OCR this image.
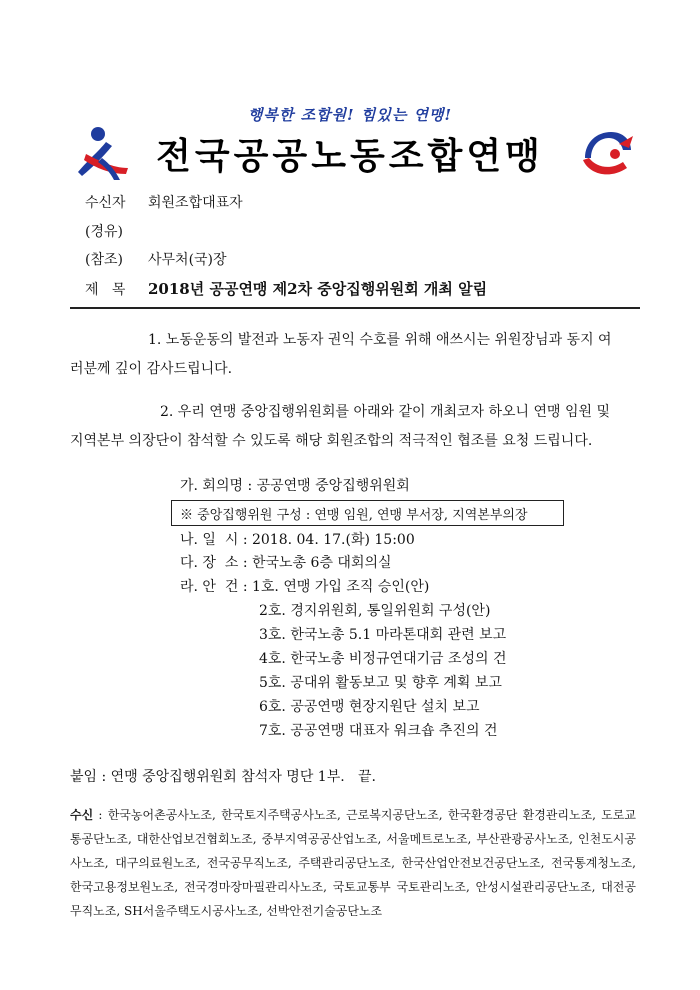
행복한 조합원! 힘있는 연맹!
전국공공노동조합연맹
수신자 회원조합대표자
(경유)
(참조) 사무처(국)장
제   목 2018년 공공연맹 제2차 중앙집행위원회 개최 알림
1. 노동운동의 발전과 노동자 권익 수호를 위해 애쓰시는 위원장님과 동지 여
러분께 깊이 감사드립니다.
2. 우리 연맹 중앙집행위원회를 아래와 같이 개최코자 하오니 연맹 임원 및
지역본부 의장단이 참석할 수 있도록 해당 회원조합의 적극적인 협조를 요청 드립니다.
가. 회의명 : 공공연맹 중앙집행위원회
※ 중앙집행위원 구성 : 연맹 임원, 연맹 부서장, 지역본부의장
나. 일  시 : 2018. 04. 17.(화) 15:00
다. 장  소 : 한국노총 6층 대회의실
라. 안  건 : 1호. 연맹 가입 조직 승인(안)
2호. 경지위원회, 통일위원회 구성(안)
3호. 한국노총 5.1 마라톤대회 관련 보고
4호. 한국노총 비정규연대기금 조성의 건
5호. 공대위 활동보고 및 향후 계획 보고
6호. 공공연맹 현장지원단 설치 보고
7호. 공공연맹 대표자 워크숍 추진의 건
붙임 : 연맹 중앙집행위원회 참석자 명단 1부.   끝.
수신 : 한국농어촌공사노조, 한국토지주택공사노조, 근로복지공단노조, 한국환경공단 환경관리노조, 도로교통공단노조, 대한산업보건협회노조, 중부지역공공산업노조, 서울메트로노조, 부산관광공사노조, 인천도시공사노조, 대구의료원노조, 전국공무직노조, 주택관리공단노조, 한국산업안전보건공단노조, 전국통계청노조, 한국고용정보원노조, 전국경마장마필관리사노조, 국토교통부 국토관리노조, 안성시설관리공단노조, 대전공무직노조, SH서울주택도시공사노조, 선박안전기술공단노조
